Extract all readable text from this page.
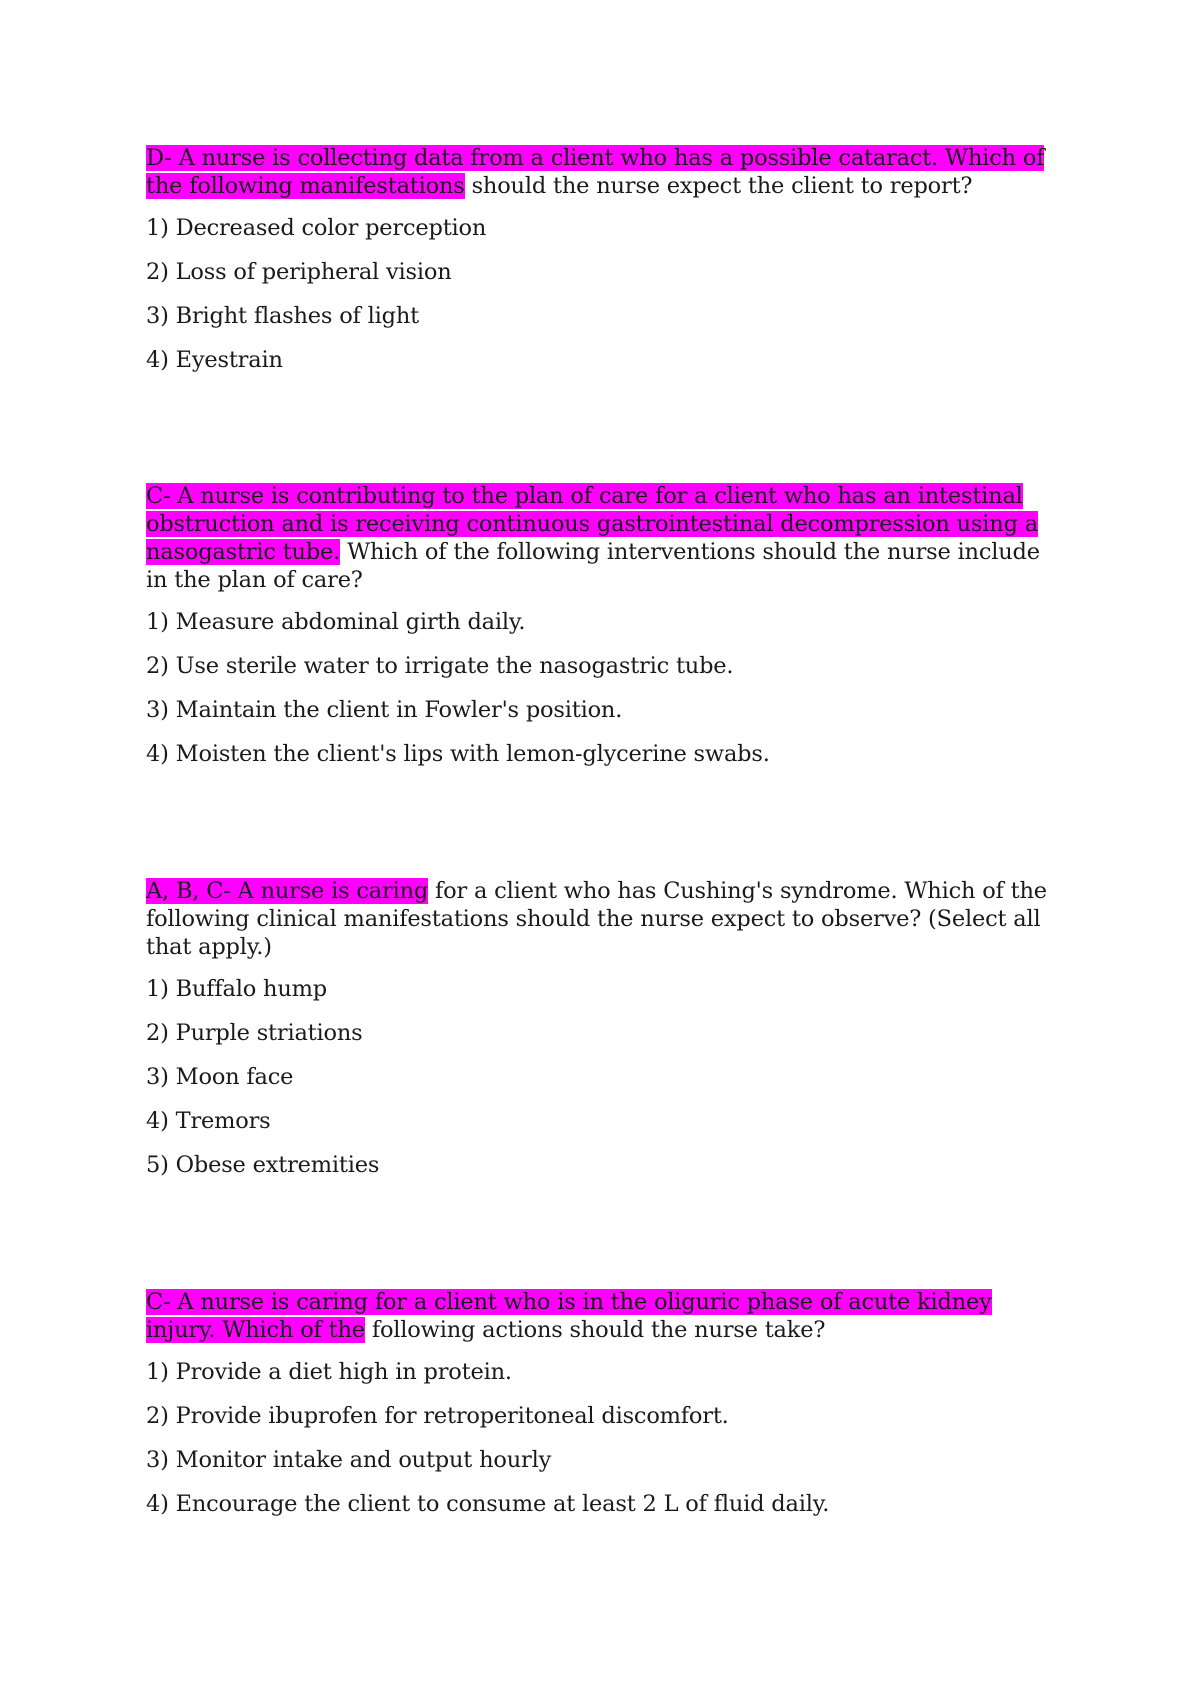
D- A nurse is collecting data from a client who has a possible cataract. Which of the following manifestations should the nurse expect the client to report?

1) Decreased color perception
2) Loss of peripheral vision
3) Bright flashes of light
4) Eyestrain

C- A nurse is contributing to the plan of care for a client who has an intestinal obstruction and is receiving continuous gastrointestinal decompression using a nasogastric tube. Which of the following interventions should the nurse include in the plan of care?

1) Measure abdominal girth daily.
2) Use sterile water to irrigate the nasogastric tube.
3) Maintain the client in Fowler's position.
4) Moisten the client's lips with lemon-glycerine swabs.

A, B, C- A nurse is caring for a client who has Cushing's syndrome. Which of the following clinical manifestations should the nurse expect to observe? (Select all that apply.)

1) Buffalo hump
2) Purple striations
3) Moon face
4) Tremors
5) Obese extremities

C- A nurse is caring for a client who is in the oliguric phase of acute kidney injury. Which of the following actions should the nurse take?

1) Provide a diet high in protein.
2) Provide ibuprofen for retroperitoneal discomfort.
3) Monitor intake and output hourly
4) Encourage the client to consume at least 2 L of fluid daily.
